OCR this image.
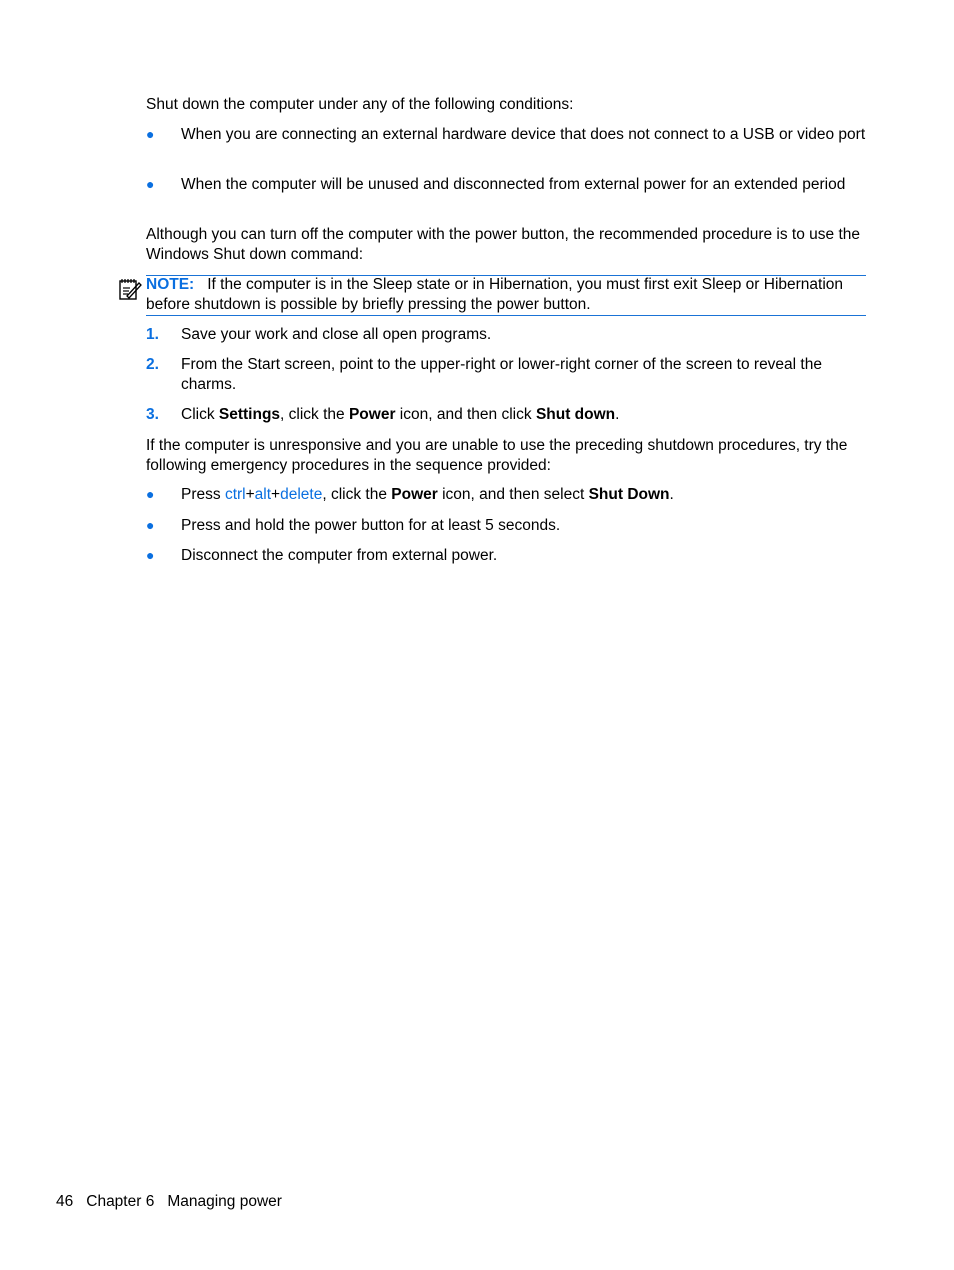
Shut down the computer under any of the following conditions:
●	When you are connecting an external hardware device that does not connect to a USB or video port
●	When the computer will be unused and disconnected from external power for an extended period
Although you can turn off the computer with the power button, the recommended procedure is to use the Windows Shut down command:
NOTE: If the computer is in the Sleep state or in Hibernation, you must first exit Sleep or Hibernation before shutdown is possible by briefly pressing the power button.
1.	Save your work and close all open programs.
2.	From the Start screen, point to the upper-right or lower-right corner of the screen to reveal the charms.
3.	Click Settings, click the Power icon, and then click Shut down.
If the computer is unresponsive and you are unable to use the preceding shutdown procedures, try the following emergency procedures in the sequence provided:
●	Press ctrl+alt+delete, click the Power icon, and then select Shut Down.
●	Press and hold the power button for at least 5 seconds.
●	Disconnect the computer from external power.
46 Chapter 6 Managing power
